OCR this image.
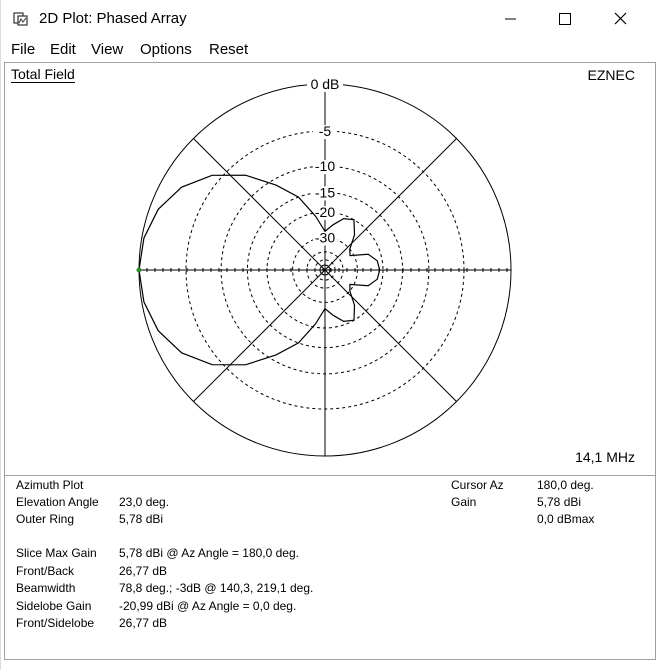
2D Plot: Phased Array
File Edit View Options Reset
0 dB
-5
-10
-15
-20
-30
Total Field	EZNEC
14,1 MHz
Azimuth Plot
Elevation Angle 23,0 deg.
Outer Ring	5,78 dBi
Cursor Az	180,0 deg.
Gain	5,78 dBi
0,0 dBmax
Slice Max Gain 5,78 dBi @ Az Angle = 180,0 deg.
Front/Back	26,77 dB
Beamwidth	78,8 deg.; -3dB @ 140,3, 219,1 deg.
Sidelobe Gain -20,99 dBi @ Az Angle = 0,0 deg.
Front/Sidelobe 26,77 dB
